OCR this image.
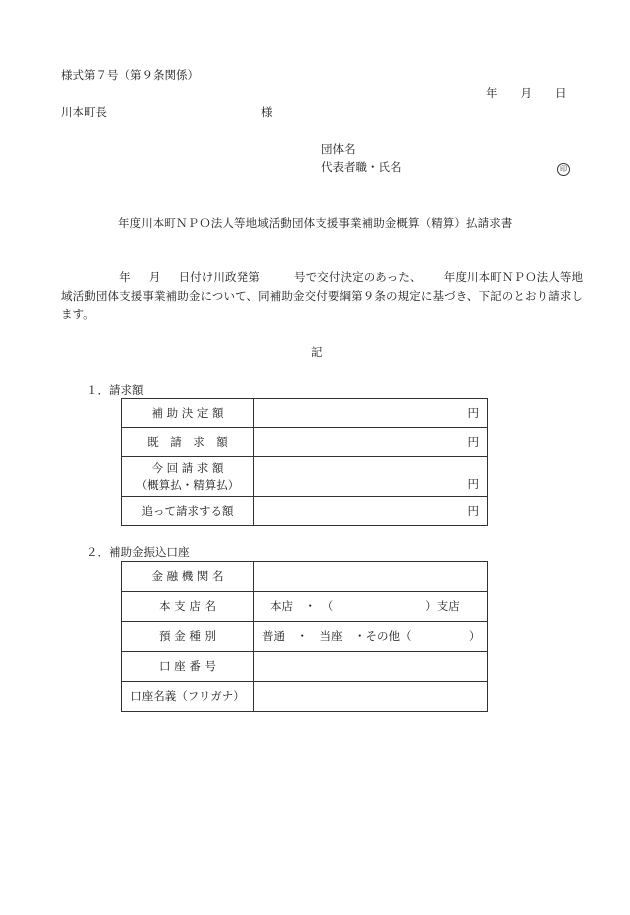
様式第７号（第９条関係）
年　　月　　日
川本町長	様
団体名
代表者職・氏名	印
年度川本町ＮＰＯ法人等地域活動団体支援事業補助金概算（精算）払請求書
年 月 日付け川政発第	号で交付決定のあった、 年度川本町ＮＰＯ法人等地域活動団体支援事業補助金について、同補助金交付要綱第９条の規定に基づき、下記のとおり請求します。
記
１．請求額
補 助 決 定 額	円
既　請　求　額	円

今 回 請 求 額
（概算払・精算払）	円
追って請求する額	円
２．補助金振込口座
金 融 機 関 名	
本 支 店 名	本店　・　（　　　　　　　　）支店
預 金 種 別	普通　・　当座　・その他（　　　　　）
口 座 番 号	
口座名義（フリガナ）	
